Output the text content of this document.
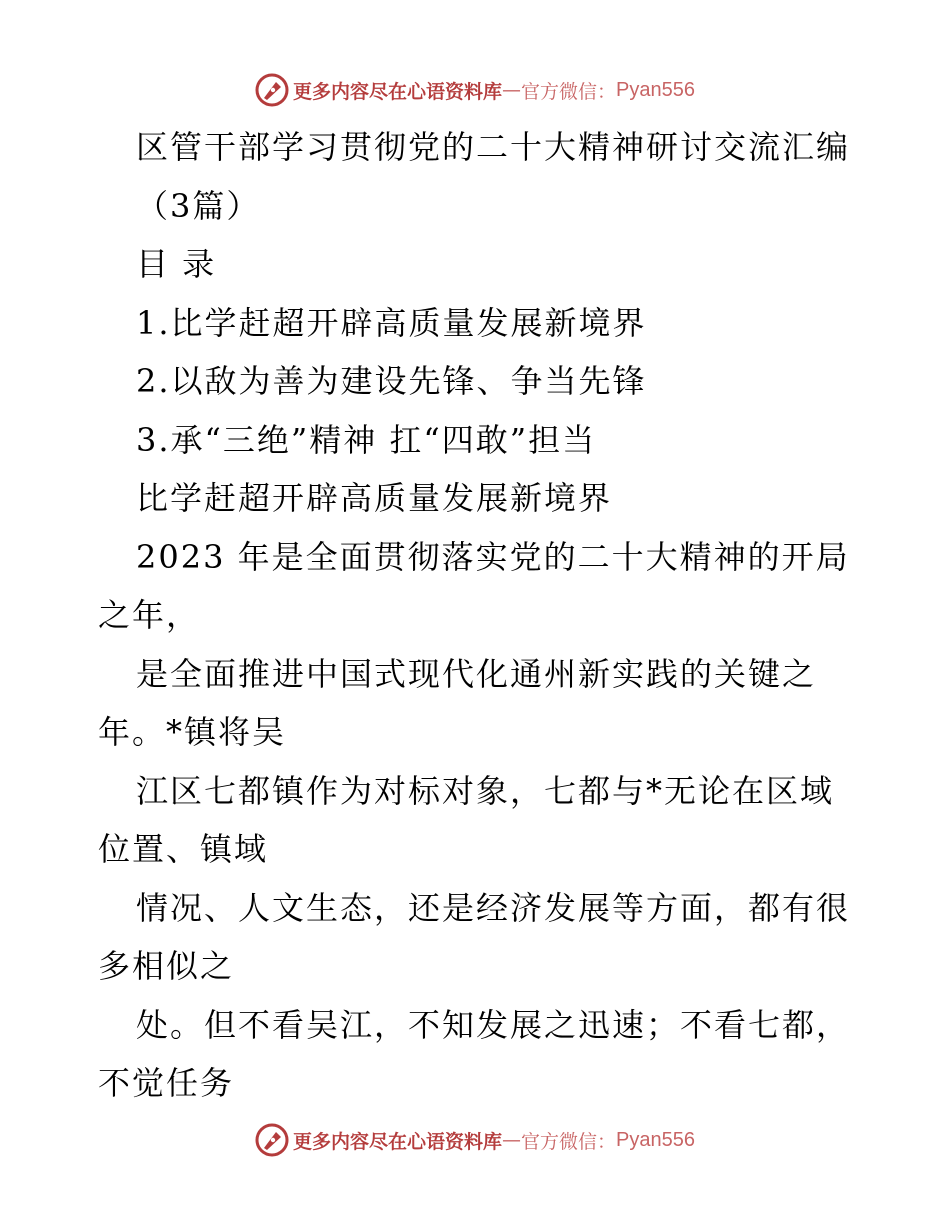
更多内容尽在心语资料库 — 官方微信： Pyan556
区管干部学习贯彻党的二十大精神研讨交流汇编
（3篇）
目 录
1.比学赶超开辟高质量发展新境界
2.以敌为善为建设先锋、争当先锋
3.承“三绝”精神 扛“四敢”担当
比学赶超开辟高质量发展新境界
2023 年是全面贯彻落实党的二十大精神的开局
之年，
是全面推进中国式现代化通州新实践的关键之
年。*镇将吴
江区七都镇作为对标对象，七都与*无论在区域
位置、镇域
情况、人文生态，还是经济发展等方面，都有很
多相似之
处。但不看吴江，不知发展之迅速；不看七都，
不觉任务
更多内容尽在心语资料库 — 官方微信： Pyan556
